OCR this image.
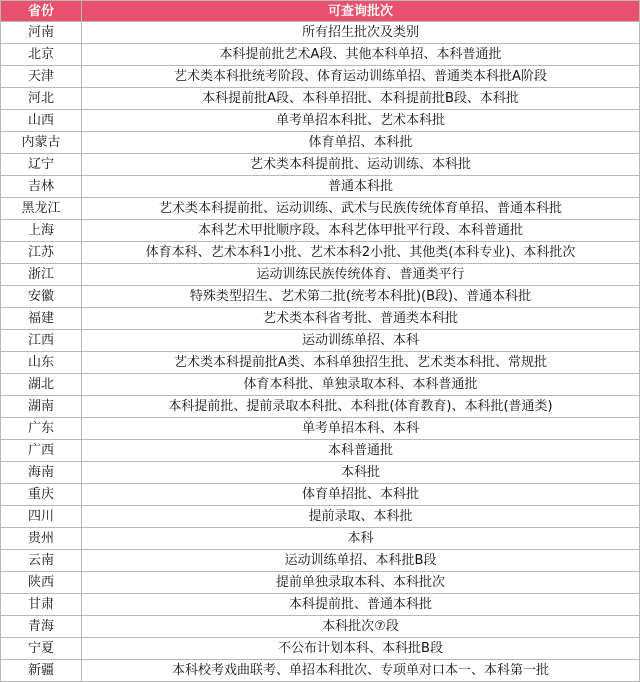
省份	可查询批次
河南	所有招生批次及类别
北京	本科提前批艺术A段、其他本科单招、本科普通批
天津	艺术类本科批统考阶段、体育运动训练单招、普通类本科批A阶段
河北	本科提前批A段、本科单招批、本科提前批B段、本科批
山西	单考单招本科批、艺术本科批
内蒙古	体育单招、本科批
辽宁	艺术类本科提前批、运动训练、本科批
吉林	普通本科批
黑龙江	艺术类本科提前批、运动训练、武术与民族传统体育单招、普通本科批
上海	本科艺术甲批顺序段、本科艺体甲批平行段、本科普通批
江苏	体育本科、艺术本科1小批、艺术本科2小批、其他类(本科专业)、本科批次
浙江	运动训练民族传统体育、普通类平行
安徽	特殊类型招生、艺术第二批(统考本科批)(B段)、普通本科批
福建	艺术类本科省考批、普通类本科批
江西	运动训练单招、本科
山东	艺术类本科提前批A类、本科单独招生批、艺术类本科批、常规批
湖北	体育本科批、单独录取本科、本科普通批
湖南	本科提前批、提前录取本科批、本科批(体育教育)、本科批(普通类)
广东	单考单招本科、本科
广西	本科普通批
海南	本科批
重庆	体育单招批、本科批
四川	提前录取、本科批
贵州	本科
云南	运动训练单招、本科批B段
陕西	提前单独录取本科、本科批次
甘肃	本科提前批、普通本科批
青海	本科批次⑦段
宁夏	不公布计划本科、本科批B段
新疆	本科校考戏曲联考、单招本科批次、专项单对口本一、本科第一批
